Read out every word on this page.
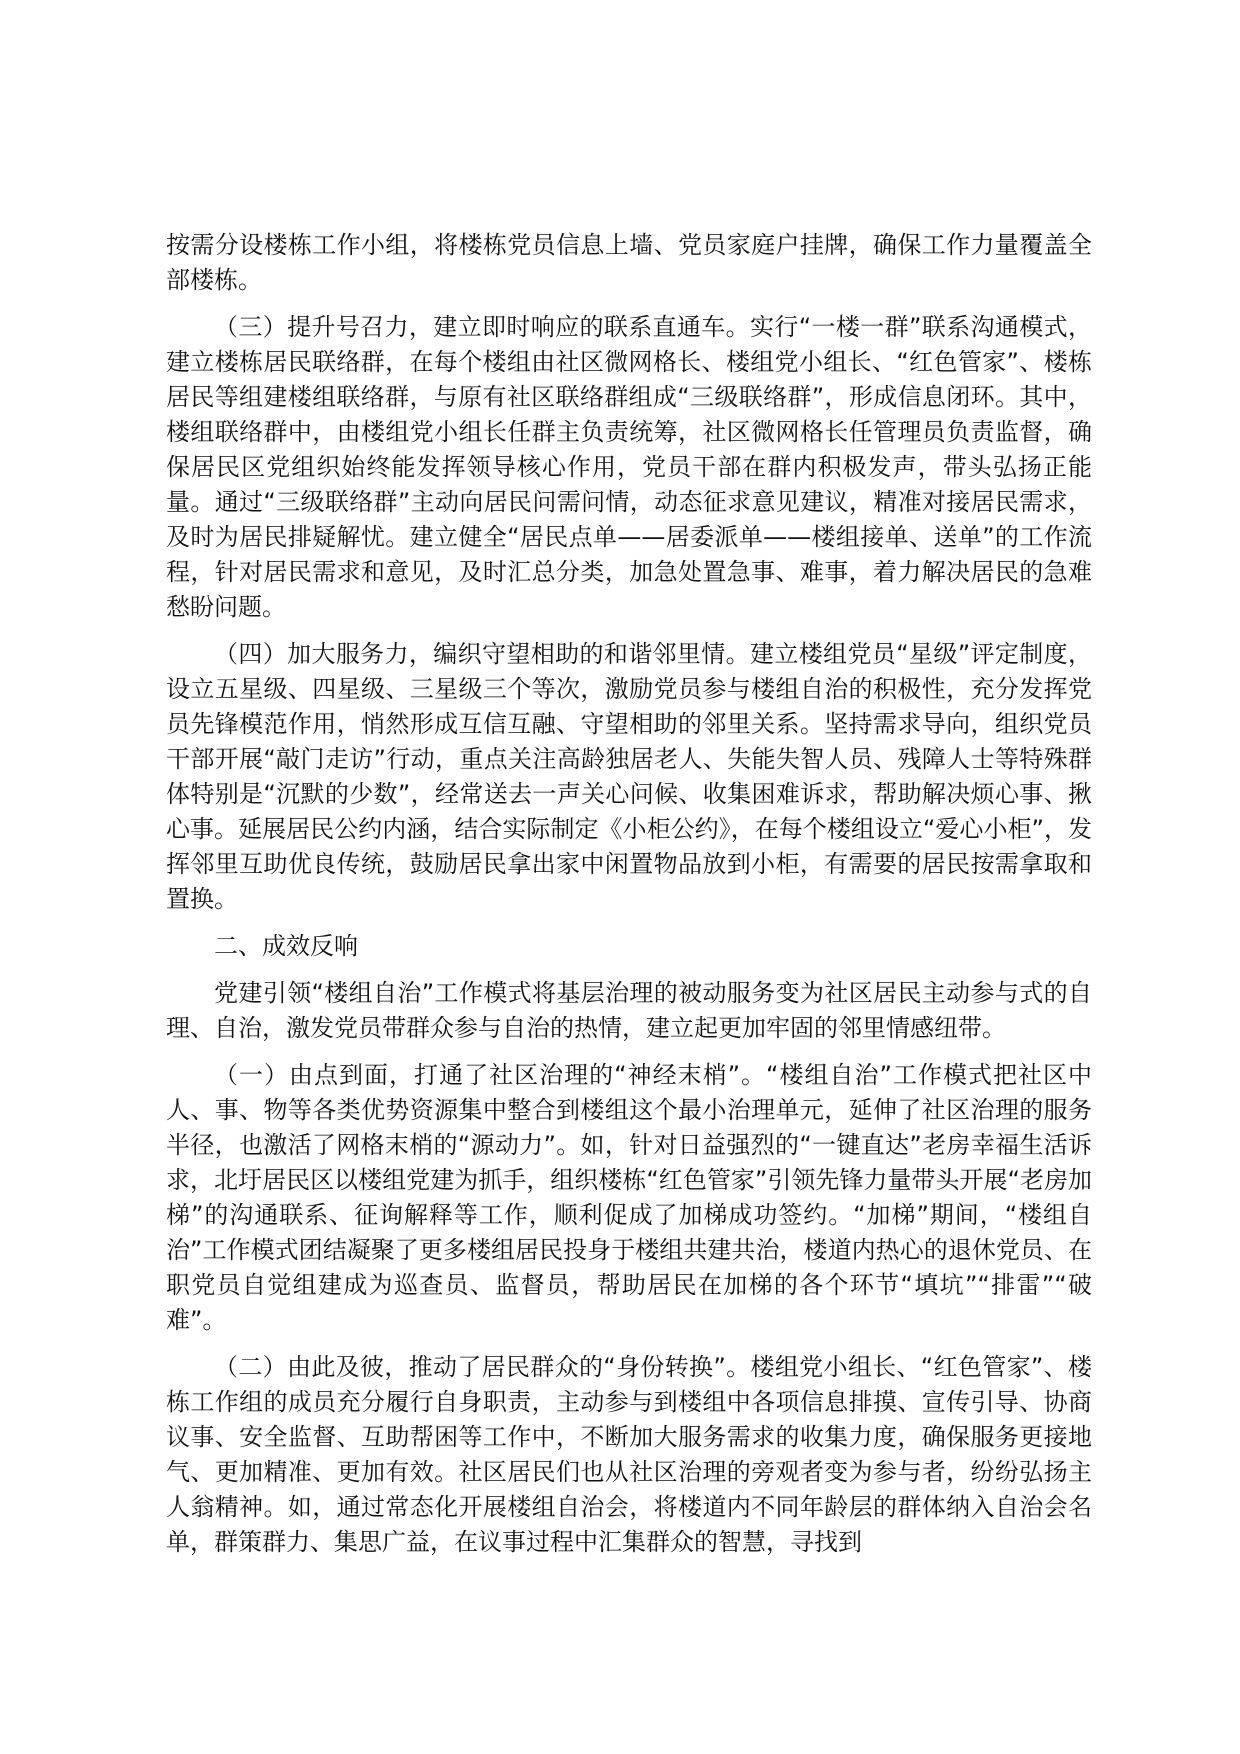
按需分设楼栋工作小组，将楼栋党员信息上墙、党员家庭户挂牌，确保工作力量覆盖全部楼栋。

（三）提升号召力，建立即时响应的联系直通车。实行“一楼一群”联系沟通模式，建立楼栋居民联络群，在每个楼组由社区微网格长、楼组党小组长、“红色管家”、楼栋居民等组建楼组联络群，与原有社区联络群组成“三级联络群”，形成信息闭环。其中，楼组联络群中，由楼组党小组长任群主负责统筹，社区微网格长任管理员负责监督，确保居民区党组织始终能发挥领导核心作用，党员干部在群内积极发声，带头弘扬正能量。通过“三级联络群”主动向居民问需问情，动态征求意见建议，精准对接居民需求，及时为居民排疑解忧。建立健全“居民点单——居委派单——楼组接单、送单”的工作流程，针对居民需求和意见，及时汇总分类，加急处置急事、难事，着力解决居民的急难愁盼问题。

（四）加大服务力，编织守望相助的和谐邻里情。建立楼组党员“星级”评定制度，设立五星级、四星级、三星级三个等次，激励党员参与楼组自治的积极性，充分发挥党员先锋模范作用，悄然形成互信互融、守望相助的邻里关系。坚持需求导向，组织党员干部开展“敲门走访”行动，重点关注高龄独居老人、失能失智人员、残障人士等特殊群体特别是“沉默的少数”，经常送去一声关心问候、收集困难诉求，帮助解决烦心事、揪心事。延展居民公约内涵，结合实际制定《小柜公约》，在每个楼组设立“爱心小柜”，发挥邻里互助优良传统，鼓励居民拿出家中闲置物品放到小柜，有需要的居民按需拿取和置换。

二、成效反响

党建引领“楼组自治”工作模式将基层治理的被动服务变为社区居民主动参与式的自理、自治，激发党员带群众参与自治的热情，建立起更加牢固的邻里情感纽带。

（一）由点到面，打通了社区治理的“神经末梢”。“楼组自治”工作模式把社区中人、事、物等各类优势资源集中整合到楼组这个最小治理单元，延伸了社区治理的服务半径，也激活了网格末梢的“源动力”。如，针对日益强烈的“一键直达”老房幸福生活诉求，北圩居民区以楼组党建为抓手，组织楼栋“红色管家”引领先锋力量带头开展“老房加梯”的沟通联系、征询解释等工作，顺利促成了加梯成功签约。“加梯”期间，“楼组自治”工作模式团结凝聚了更多楼组居民投身于楼组共建共治，楼道内热心的退休党员、在职党员自觉组建成为巡查员、监督员，帮助居民在加梯的各个环节“填坑”“排雷”“破难”。

（二）由此及彼，推动了居民群众的“身份转换”。楼组党小组长、“红色管家”、楼栋工作组的成员充分履行自身职责，主动参与到楼组中各项信息排摸、宣传引导、协商议事、安全监督、互助帮困等工作中，不断加大服务需求的收集力度，确保服务更接地气、更加精准、更加有效。社区居民们也从社区治理的旁观者变为参与者，纷纷弘扬主人翁精神。如，通过常态化开展楼组自治会，将楼道内不同年龄层的群体纳入自治会名单，群策群力、集思广益，在议事过程中汇集群众的智慧，寻找到
